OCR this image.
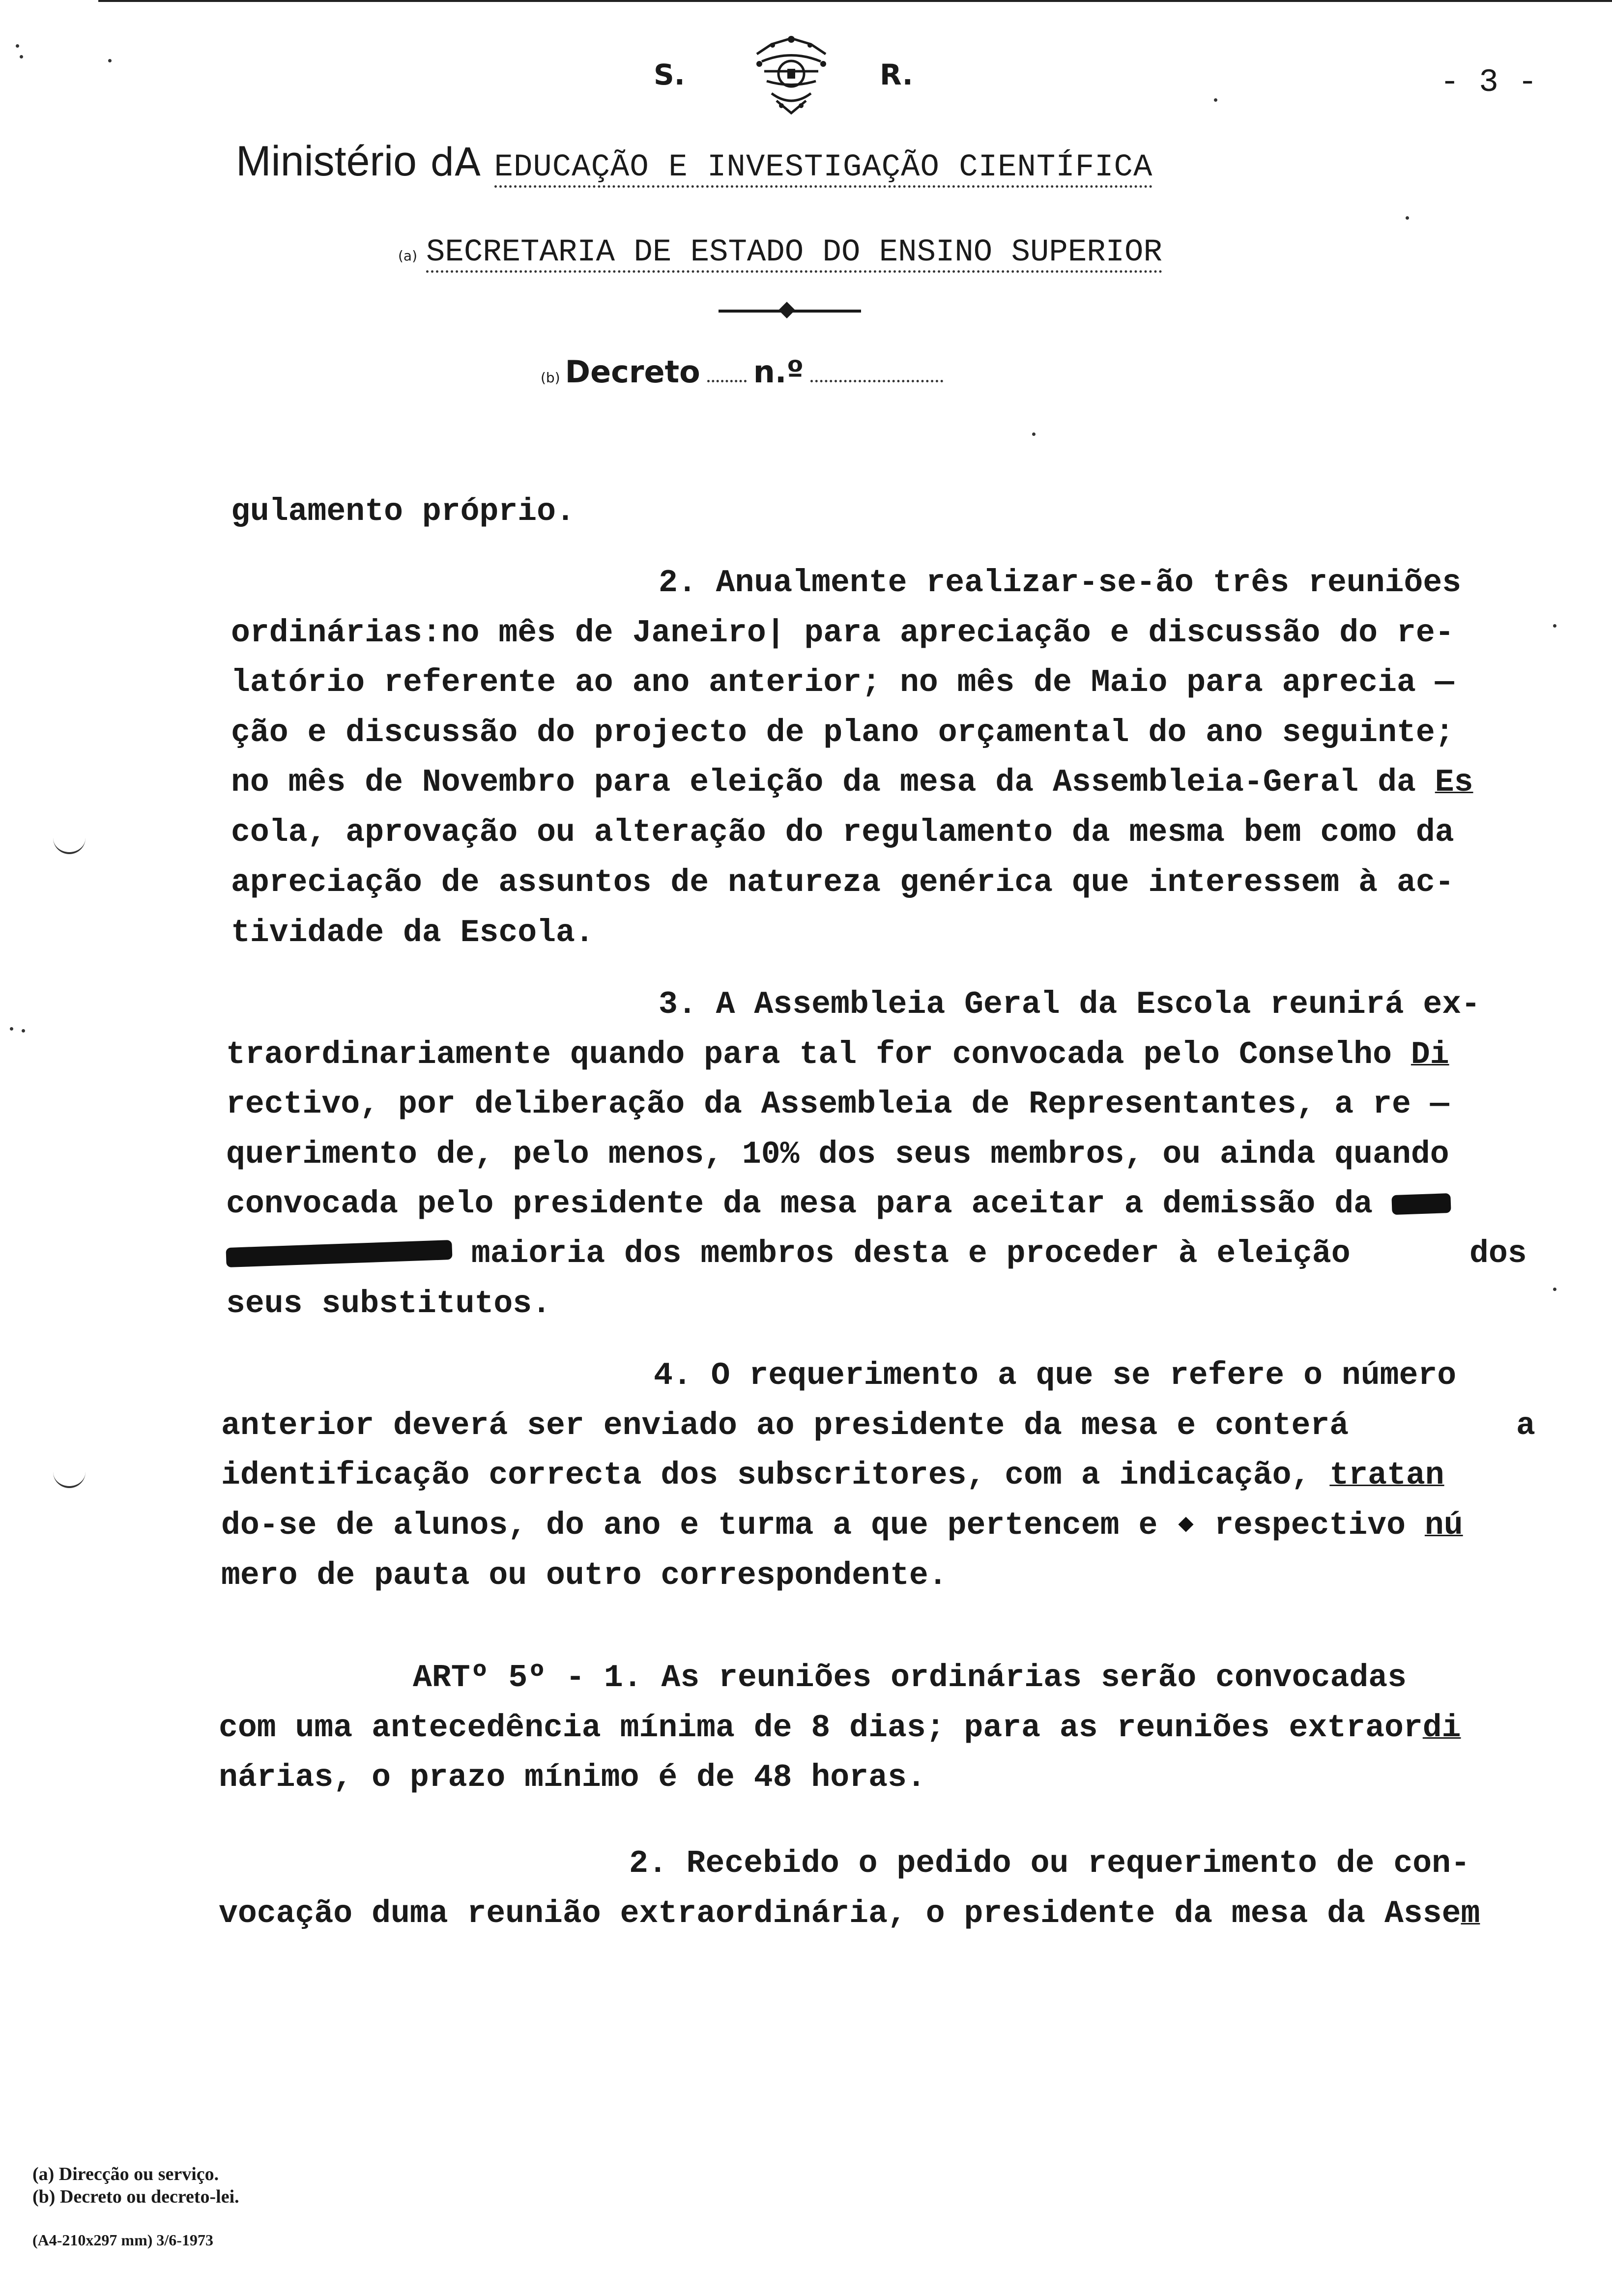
S.	R.	- 3 -
Ministério dA EDUCAÇÃO E INVESTIGAÇÃO CIENTÍFICA
(a) SECRETARIA DE ESTADO DO ENSINO SUPERIOR
(b) Decreto n.º
gulamento próprio.
2. Anualmente realizar-se-ão três reuniões
ordinárias:no mês de Janeiro| para apreciação e discussão do re-
latório referente ao ano anterior; no mês de Maio para aprecia —
ção e discussão do projecto de plano orçamental do ano seguinte;
no mês de Novembro para eleição da mesa da Assembleia-Geral da Es
cola, aprovação ou alteração do regulamento da mesma bem como da
apreciação de assuntos de natureza genérica que interessem à ac-
tividade da Escola.
3. A Assembleia Geral da Escola reunirá ex-
traordinariamente quando para tal for convocada pelo Conselho Di
rectivo, por deliberação da Assembleia de Representantes, a re —
querimento de, pelo menos, 10% dos seus membros, ou ainda quando
convocada pelo presidente da mesa para aceitar a demissão da
maioria dos membros desta e proceder à eleição	dos
seus substitutos.
4. O requerimento a que se refere o número
anterior deverá ser enviado ao presidente da mesa e conterá	a
identificação correcta dos subscritores, com a indicação, tratan
do-se de alunos, do ano e turma a que pertencem e respectivo nú
mero de pauta ou outro correspondente.
ARTº 5º - 1. As reuniões ordinárias serão convocadas
com uma antecedência mínima de 8 dias; para as reuniões extraordi
nárias, o prazo mínimo é de 48 horas.
2. Recebido o pedido ou requerimento de con-
vocação duma reunião extraordinária, o presidente da mesa da Assem
(a) Direcção ou serviço.
(b) Decreto ou decreto-lei.
(A4-210x297 mm) 3/6-1973
